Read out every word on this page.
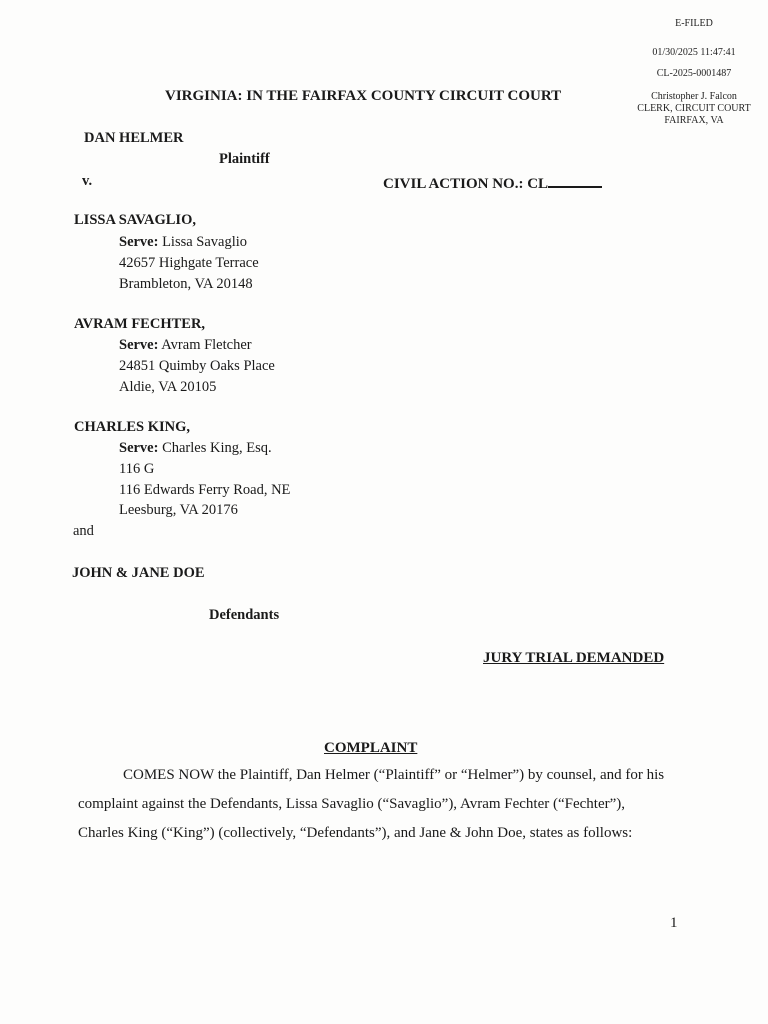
E-FILED
01/30/2025 11:47:41
CL-2025-0001487
Christopher J. Falcon
CLERK, CIRCUIT COURT
FAIRFAX, VA
VIRGINIA: IN THE FAIRFAX COUNTY CIRCUIT COURT
DAN HELMER
Plaintiff
v.	CIVIL ACTION NO.: CL
LISSA SAVAGLIO,
Serve: Lissa Savaglio
42657 Highgate Terrace
Brambleton, VA 20148
AVRAM FECHTER,
Serve: Avram Fletcher
24851 Quimby Oaks Place
Aldie, VA 20105
CHARLES KING,
Serve: Charles King, Esq.
116 G
116 Edwards Ferry Road, NE
Leesburg, VA 20176
and
JOHN & JANE DOE
Defendants
JURY TRIAL DEMANDED
COMPLAINT
COMES NOW the Plaintiff, Dan Helmer (“Plaintiff” or “Helmer”) by counsel, and for his
complaint against the Defendants, Lissa Savaglio (“Savaglio”), Avram Fechter (“Fechter”),
Charles King (“King”) (collectively, “Defendants”), and Jane & John Doe, states as follows:
1
